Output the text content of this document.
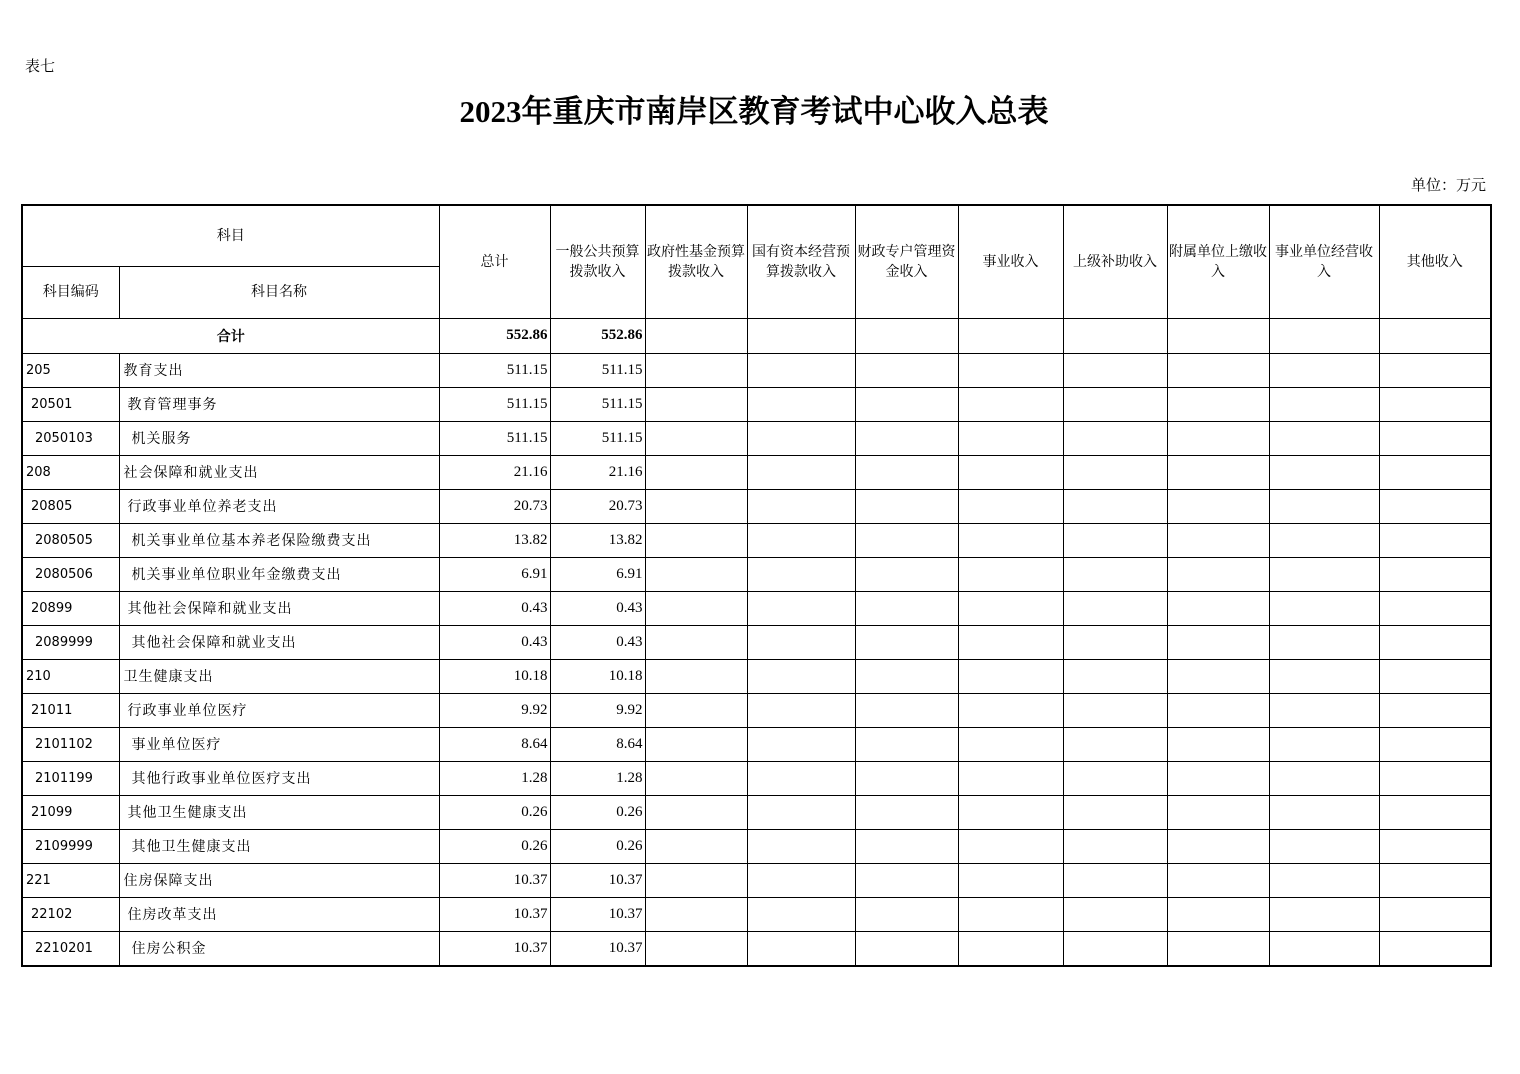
表七
2023年重庆市南岸区教育考试中心收入总表
单位：万元
科目		总计	一般公共预算拨款收入	政府性基金预算拨款收入	国有资本经营预算拨款收入	财政专户管理资金收入	事业收入	上级补助收入	附属单位上缴收入	事业单位经营收入	其他收入
科目编码	科目名称										
合计		552.86	552.86								
205	教育支出	511.15	511.15								
20501	教育管理事务	511.15	511.15								
2050103	机关服务	511.15	511.15								
208	社会保障和就业支出	21.16	21.16								
20805	行政事业单位养老支出	20.73	20.73								
2080505	机关事业单位基本养老保险缴费支出	13.82	13.82								
2080506	机关事业单位职业年金缴费支出	6.91	6.91								
20899	其他社会保障和就业支出	0.43	0.43								
2089999	其他社会保障和就业支出	0.43	0.43								
210	卫生健康支出	10.18	10.18								
21011	行政事业单位医疗	9.92	9.92								
2101102	事业单位医疗	8.64	8.64								
2101199	其他行政事业单位医疗支出	1.28	1.28								
21099	其他卫生健康支出	0.26	0.26								
2109999	其他卫生健康支出	0.26	0.26								
221	住房保障支出	10.37	10.37								
22102	住房改革支出	10.37	10.37								
2210201	住房公积金	10.37	10.37								
